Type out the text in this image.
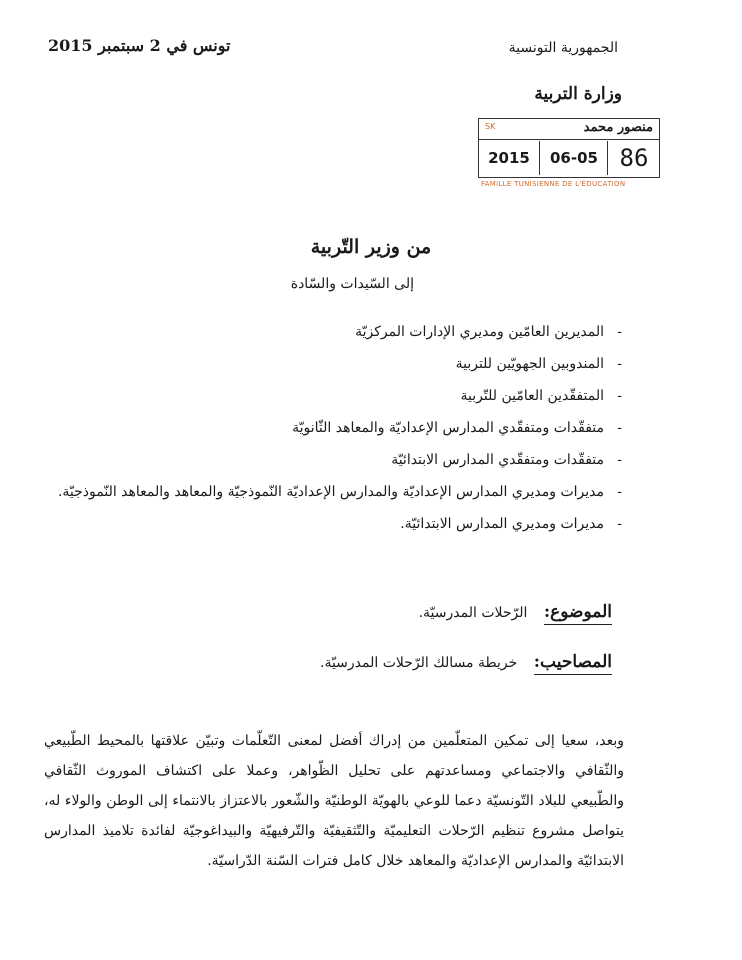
تونس في 2 سبتمبر 2015	الجمهورية التونسية
وزارة التربية
SK	منصور محمد
2015	06-05 86
FAMILLE TUNISIENNE DE L'ÉDUCATION
من وزير التّربية
إلى السّيدات والسّادة
-
المديرين العامّين ومديري الإدارات المركزيّة
-
المندوبين الجهويّين للتربية
-
المتفقّدين العامّين للتّربية
-
متفقّدات ومتفقّدي المدارس الإعداديّة والمعاهد الثّانويّة
-
متفقّدات ومتفقّدي المدارس الابتدائيّة
-
مديرات ومديري المدارس الإعداديّة والمدارس الإعداديّة النّموذجيّة والمعاهد والمعاهد النّموذجيّة.
-
مديرات ومديري المدارس الابتدائيّة.
الموضوع: الرّحلات المدرسيّة.
المصاحيب: خريطة مسالك الرّحلات المدرسيّة.
وبعد، سعيا إلى تمكين المتعلّمين من إدراك أفضل لمعنى التّعلّمات وتبيّن علاقتها بالمحيط الطّبيعي والثّقافي والاجتماعي ومساعدتهم على تحليل الظّواهر، وعملا على اكتشاف الموروث الثّقافي والطّبيعي للبلاد التّونسيّة دعما للوعي بالهويّة الوطنيّة والشّعور بالاعتزاز بالانتماء إلى الوطن والولاء له، يتواصل مشروع تنظيم الرّحلات التعليميّة والتّثقيفيّة والتّرفيهيّة والبيداغوجيّة لفائدة تلاميذ المدارس الابتدائيّة والمدارس الإعداديّة والمعاهد خلال كامل فترات السّنة الدّراسيّة.
